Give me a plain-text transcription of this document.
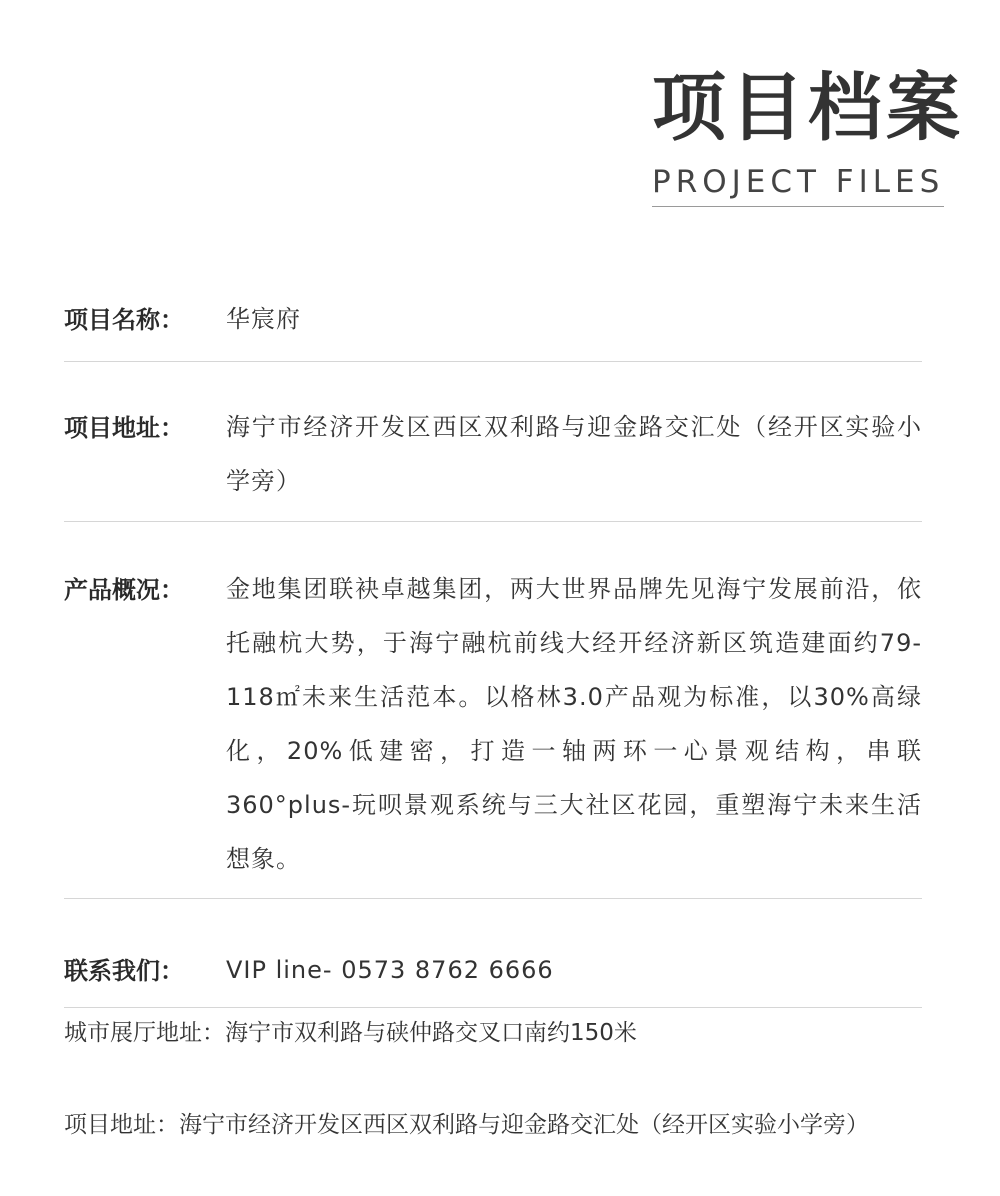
项目档案
PROJECT FILES
项目名称：	华宸府
项目地址：	海宁市经济开发区西区双利路与迎金路交汇处（经开区实验小学旁）
产品概况：	金地集团联袂卓越集团，两大世界品牌先见海宁发展前沿，依托融杭大势，于海宁融杭前线大经开经济新区筑造建面约79-118㎡未来生活范本。以格林3.0产品观为标准，以30%高绿化，20%低建密，打造一轴两环一心景观结构，串联360°plus-玩呗景观系统与三大社区花园，重塑海宁未来生活想象。
联系我们：	VIP line- 0573 8762 6666
城市展厅地址：海宁市双利路与硖仲路交叉口南约150米
项目地址：海宁市经济开发区西区双利路与迎金路交汇处（经开区实验小学旁）
